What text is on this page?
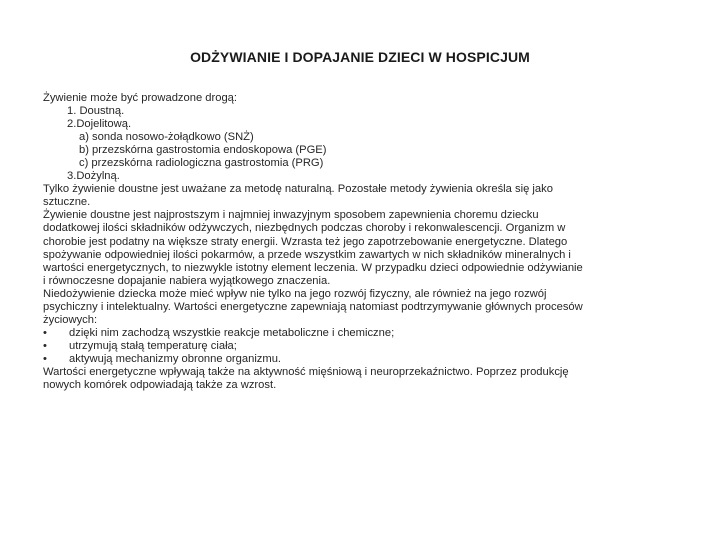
ODŻYWIANIE I DOPAJANIE DZIECI W HOSPICJUM
Żywienie może być prowadzone drogą:
1. Doustną.
2.Dojelitową.
a) sonda nosowo-żołądkowo (SNŻ)
b) przezskórna gastrostomia endoskopowa (PGE)
c) przezskórna radiologiczna gastrostomia (PRG)
3.Dożylną.
Tylko żywienie doustne jest uważane za metodę naturalną. Pozostałe metody żywienia określa się jako
sztuczne.
Żywienie doustne jest najprostszym i najmniej inwazyjnym sposobem zapewnienia choremu dziecku
dodatkowej ilości składników odżywczych, niezbędnych podczas choroby i rekonwalescencji. Organizm w
chorobie jest podatny na większe straty energii. Wzrasta też jego zapotrzebowanie energetyczne. Dlatego
spożywanie odpowiedniej ilości pokarmów, a przede wszystkim zawartych w nich składników mineralnych i
wartości energetycznych, to niezwykle istotny element leczenia. W przypadku dzieci odpowiednie odżywianie
i równoczesne dopajanie nabiera wyjątkowego znaczenia.
Niedożywienie dziecka może mieć wpływ nie tylko na jego rozwój fizyczny, ale również na jego rozwój
psychiczny i intelektualny. Wartości energetyczne zapewniają natomiast podtrzymywanie głównych procesów
życiowych:
•	dzięki nim zachodzą wszystkie reakcje metaboliczne i chemiczne;
•	utrzymują stałą temperaturę ciała;
•	aktywują mechanizmy obronne organizmu.
Wartości energetyczne wpływają także na aktywność mięśniową i neuroprzekaźnictwo. Poprzez produkcję
nowych komórek odpowiadają także za wzrost.
